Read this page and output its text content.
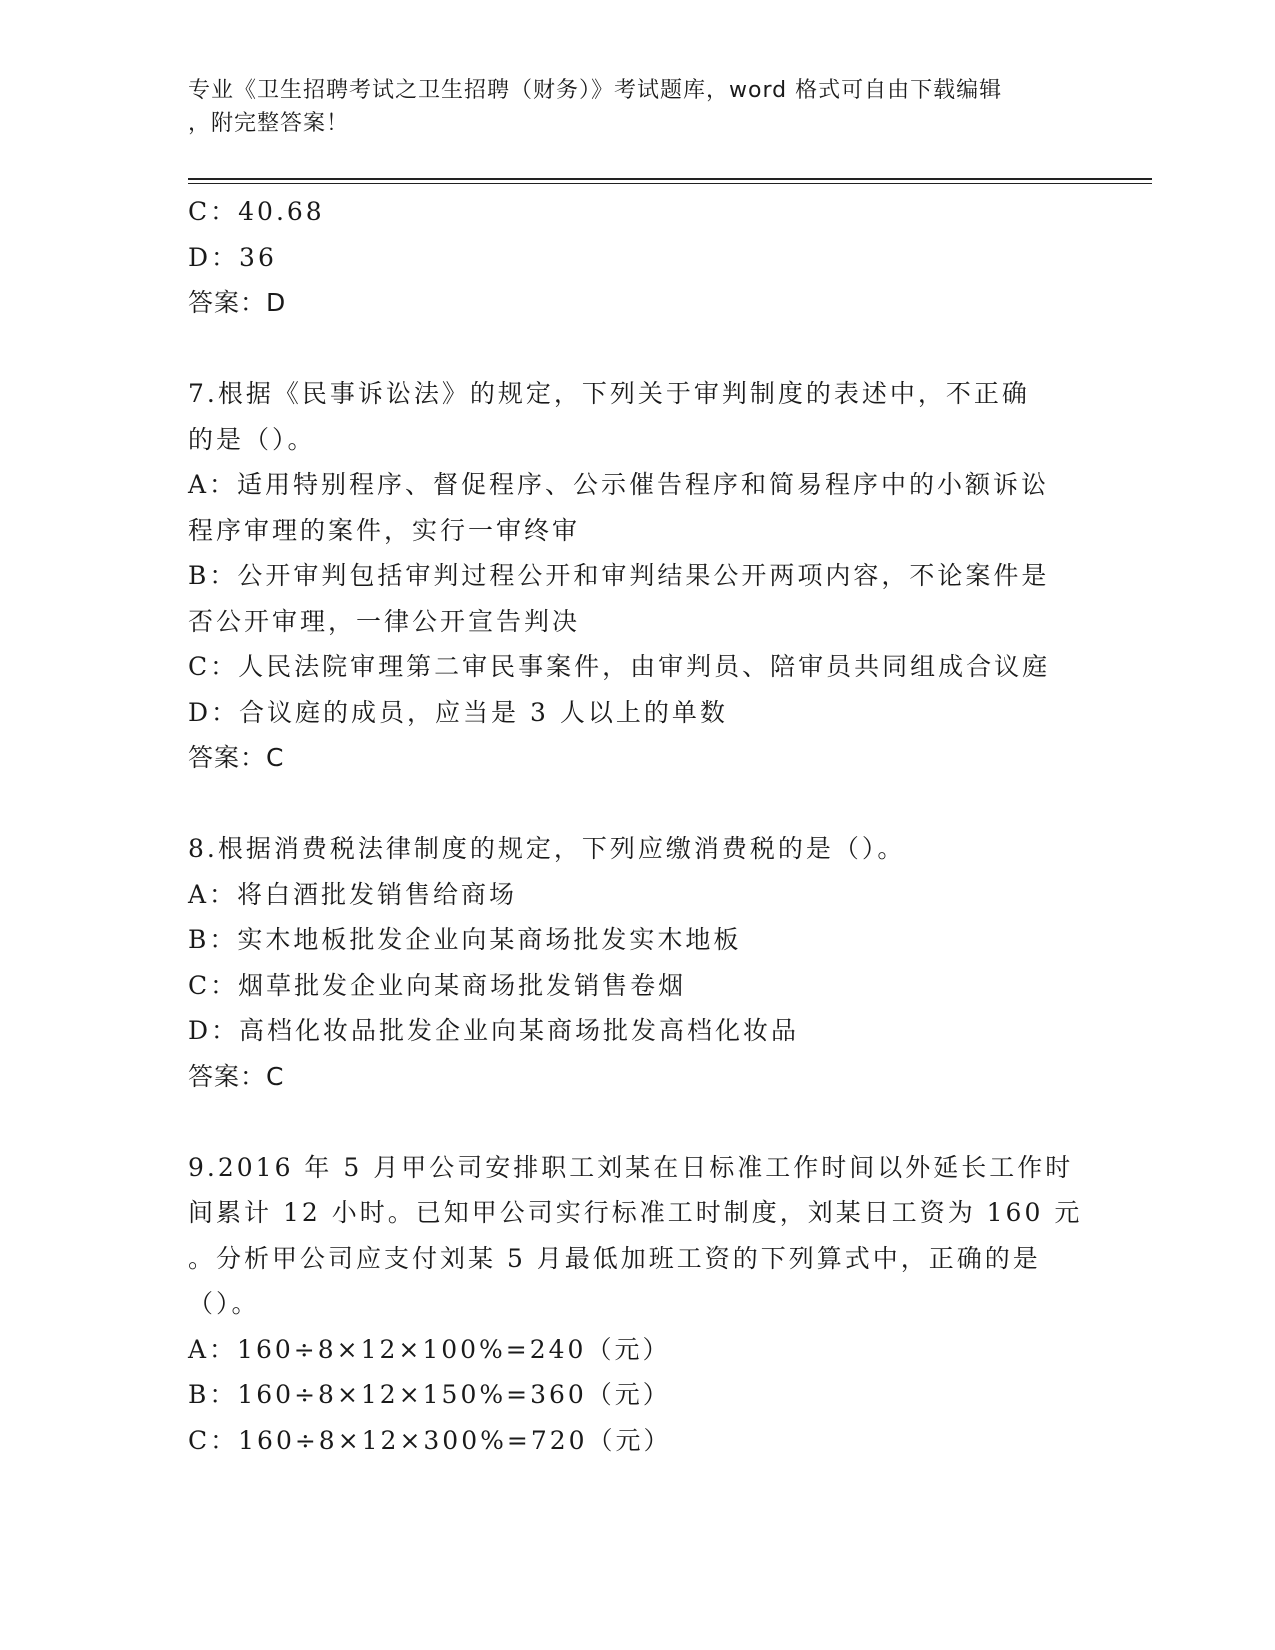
专业《卫生招聘考试之卫生招聘（财务）》考试题库，word 格式可自由下载编辑
，附完整答案！
C：40.68
D：36
答案：D
7.根据《民事诉讼法》的规定，下列关于审判制度的表述中，不正确
的是（）。
A：适用特别程序、督促程序、公示催告程序和简易程序中的小额诉讼
程序审理的案件，实行一审终审
B：公开审判包括审判过程公开和审判结果公开两项内容，不论案件是
否公开审理，一律公开宣告判决
C：人民法院审理第二审民事案件，由审判员、陪审员共同组成合议庭
D：合议庭的成员，应当是 3 人以上的单数
答案：C
8.根据消费税法律制度的规定，下列应缴消费税的是（）。
A：将白酒批发销售给商场
B：实木地板批发企业向某商场批发实木地板
C：烟草批发企业向某商场批发销售卷烟
D：高档化妆品批发企业向某商场批发高档化妆品
答案：C
9.2016 年 5 月甲公司安排职工刘某在日标准工作时间以外延长工作时
间累计 12 小时。已知甲公司实行标准工时制度，刘某日工资为 160 元
。分析甲公司应支付刘某 5 月最低加班工资的下列算式中，正确的是
（）。
A：160÷8×12×100%=240（元）
B：160÷8×12×150%=360（元）
C：160÷8×12×300%=720（元）
